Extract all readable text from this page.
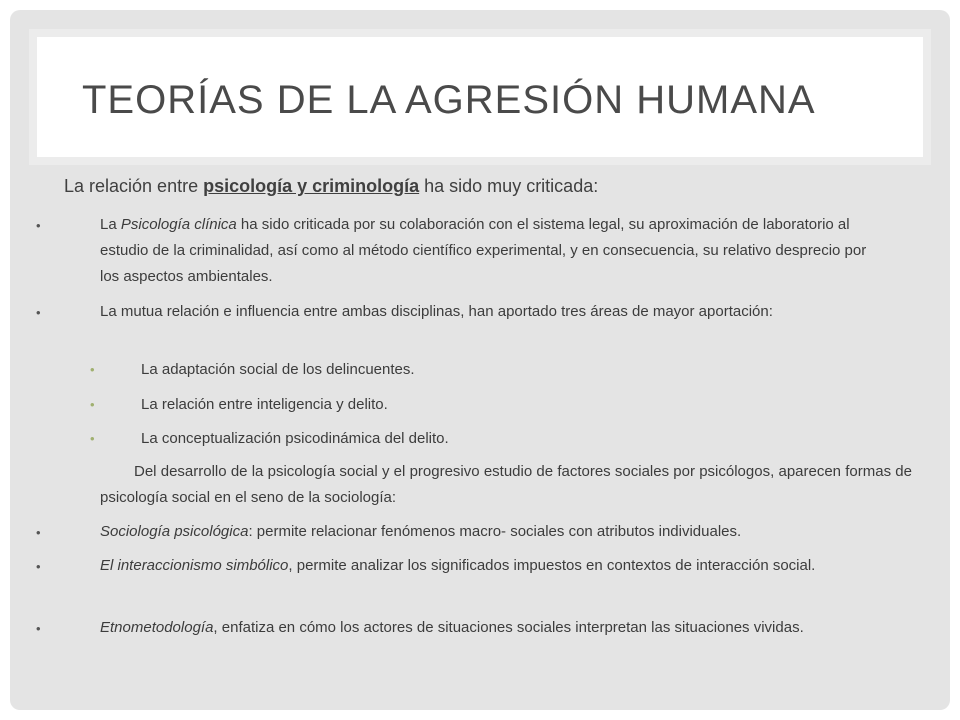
TEORÍAS DE LA AGRESIÓN HUMANA
La relación entre psicología y criminología ha sido muy criticada:
•	La Psicología clínica ha sido criticada por su colaboración con el sistema legal, su aproximación de laboratorio al estudio de la criminalidad, así como al método científico experimental, y en consecuencia, su relativo desprecio por los aspectos ambientales.
•	La mutua relación e influencia entre ambas disciplinas, han aportado tres áreas de mayor aportación:
•	La adaptación social de los delincuentes.
•	La relación entre inteligencia y delito.
•	La conceptualización psicodinámica del delito.
Del desarrollo de la psicología social y el progresivo estudio de factores sociales por psicólogos, aparecen formas de psicología social en el seno de la sociología:
•	Sociología psicológica: permite relacionar fenómenos macro- sociales con atributos individuales.
•	El interaccionismo simbólico, permite analizar los significados impuestos en contextos de interacción social.
•	Etnometodología, enfatiza en cómo los actores de situaciones sociales interpretan las situaciones vividas.
